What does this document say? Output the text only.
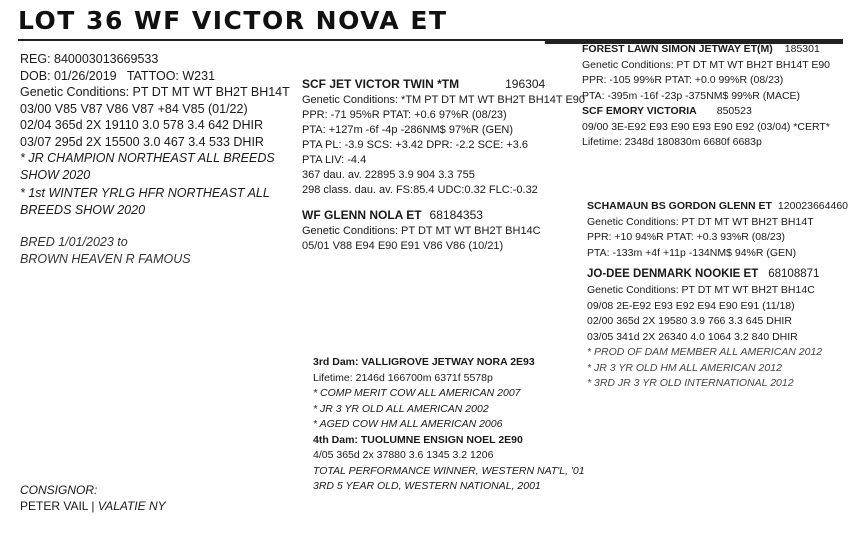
LOT 36 WF VICTOR NOVA ET
REG: 840003013669533
DOB: 01/26/2019 TATTOO: W231
Genetic Conditions: PT DT MT WT BH2T BH14T
03/00 V85 V87 V86 V87 +84 V85 (01/22)
02/04 365d 2X 19110 3.0 578 3.4 642 DHIR
03/07 295d 2X 15500 3.0 467 3.4 533 DHIR
* JR CHAMPION NORTHEAST ALL BREEDS SHOW 2020
* 1st WINTER YRLG HFR NORTHEAST ALL BREEDS SHOW 2020
BRED 1/01/2023 to
BROWN HEAVEN R FAMOUS
SCF JET VICTOR TWIN *TM	196304
Genetic Conditions: *TM PT DT MT WT BH2T BH14T E90
PPR: -71 95%R PTAT: +0.6 97%R (08/23)
PTA: +127m -6f -4p -286NM$ 97%R (GEN)
PTA PL: -3.9 SCS: +3.42 DPR: -2.2 SCE: +3.6
PTA LIV: -4.4
367 dau. av. 22895 3.9 904 3.3 755
298 class. dau. av. FS:85.4 UDC:0.32 FLC:-0.32
FOREST LAWN SIMON JETWAY ET(M) 185301
Genetic Conditions: PT DT MT WT BH2T BH14T E90
PPR: -105 99%R PTAT: +0.0 99%R (08/23)
PTA: -395m -16f -23p -375NM$ 99%R (MACE)
SCF EMORY VICTORIA 850523
09/00 3E-E92 E93 E90 E93 E90 E92 (03/04) *CERT*
Lifetime: 2348d 180830m 6680f 6683p
WF GLENN NOLA ET 68184353
Genetic Conditions: PT DT MT WT BH2T BH14C
05/01 V88 E94 E90 E91 V86 V86 (10/21)
SCHAMAUN BS GORDON GLENN ET 120023664460
Genetic Conditions: PT DT MT WT BH2T BH14T
PPR: +10 94%R PTAT: +0.3 93%R (08/23)
PTA: -133m +4f +11p -134NM$ 94%R (GEN)
JO-DEE DENMARK NOOKIE ET 68108871
Genetic Conditions: PT DT MT WT BH2T BH14C
09/08 2E-E92 E93 E92 E94 E90 E91 (11/18)
02/00 365d 2X 19580 3.9 766 3.3 645 DHIR
03/05 341d 2X 26340 4.0 1064 3.2 840 DHIR
* PROD OF DAM MEMBER ALL AMERICAN 2012
* JR 3 YR OLD HM ALL AMERICAN 2012
* 3RD JR 3 YR OLD INTERNATIONAL 2012
3rd Dam: VALLIGROVE JETWAY NORA 2E93
Lifetime: 2146d 166700m 6371f 5578p
* COMP MERIT COW ALL AMERICAN 2007
* JR 3 YR OLD ALL AMERICAN 2002
* AGED COW HM ALL AMERICAN 2006
4th Dam: TUOLUMNE ENSIGN NOEL 2E90
4/05 365d 2x 37880 3.6 1345 3.2 1206
TOTAL PERFORMANCE WINNER, WESTERN NAT'L, '01
3RD 5 YEAR OLD, WESTERN NATIONAL, 2001
CONSIGNOR:
PETER VAIL | VALATIE NY
